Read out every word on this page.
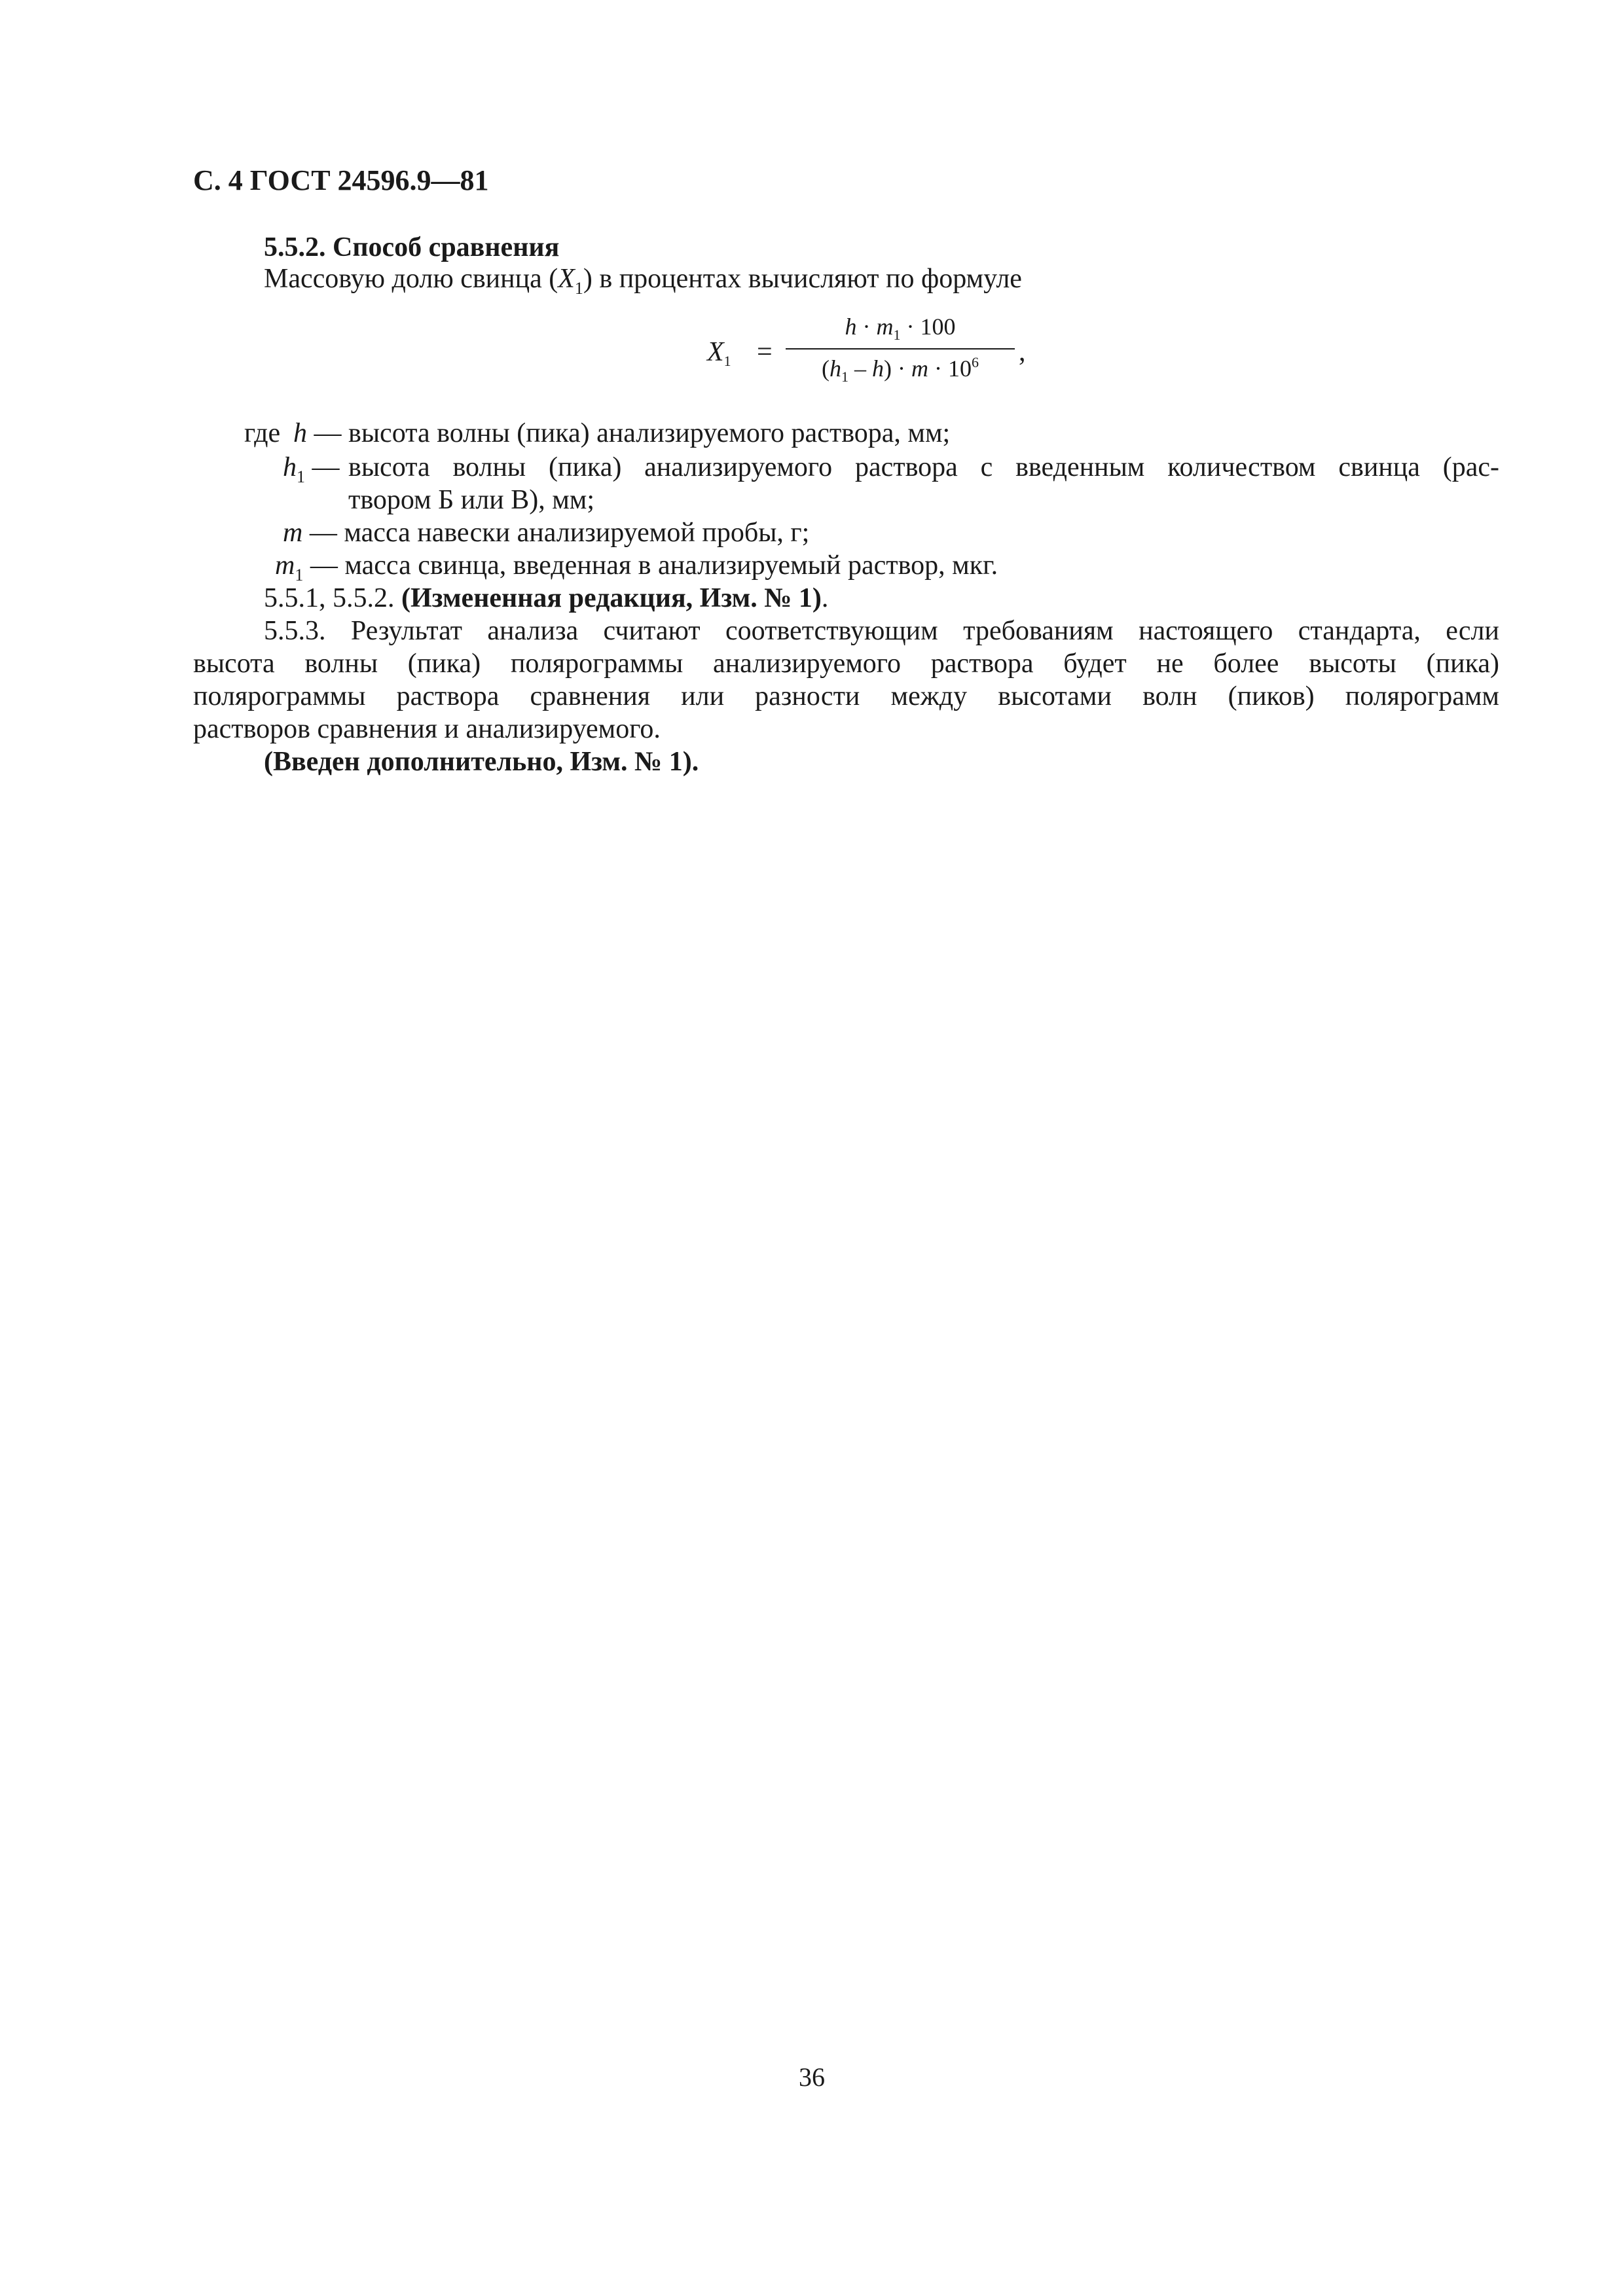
С. 4 ГОСТ 24596.9—81
5.5.2. Способ сравнения
Массовую долю свинца $(X_1)$ в процентах вычисляют по формуле
$X_1$ =
$h \cdot m_1 \cdot 100$
$(h_1 - h) \cdot m \cdot 10^6$	,
где h — высота волны (пика) анализируемого раствора, мм;
$h_1$ — высота волны (пика) анализируемого раствора с введенным количеством свинца (рас-
твором Б или В), мм;
m — масса навески анализируемой пробы, г;
$m_1$ — масса свинца, введенная в анализируемый раствор, мкг.
5.5.1, 5.5.2. (Измененная редакция, Изм. № 1).
5.5.3. Результат анализа считают соответствующим требованиям настоящего стандарта, если
высота волны (пика) полярограммы анализируемого раствора будет не более высоты (пика)
полярограммы раствора сравнения или разности между высотами волн (пиков) полярограмм
растворов сравнения и анализируемого.
(Введен дополнительно, Изм. № 1).
36
